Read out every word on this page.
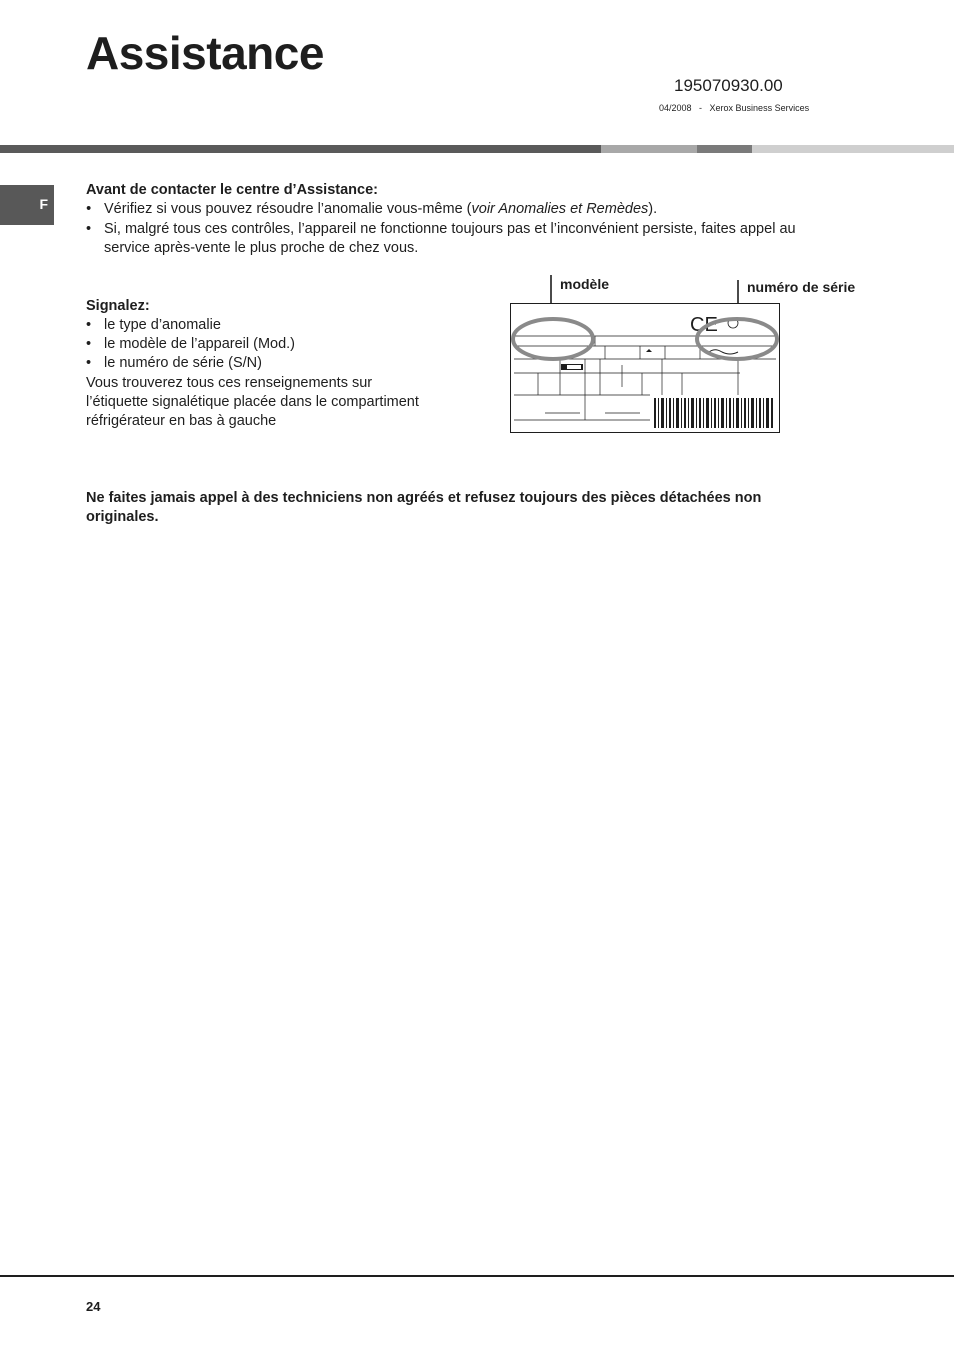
Assistance
195070930.00
04/2008   -   Xerox Business Services
F
Avant de contacter le centre d’Assistance:
• Vérifiez si vous pouvez résoudre l’anomalie vous-même (voir Anomalies et Remèdes).
• Si, malgré tous ces contrôles, l’appareil ne fonctionne toujours pas et l’inconvénient persiste, faites appel au
service après-vente le plus proche de chez vous.
Signalez:
• le type d’anomalie
• le modèle de l’appareil (Mod.)
• le numéro de série (S/N)
Vous trouverez tous ces renseignements sur
l’étiquette signalétique placée dans le compartiment
réfrigérateur en bas à gauche
modèle	numéro de série
CE
Ne faites jamais appel à des techniciens non agréés et refusez toujours des pièces détachées non
originales.
24
